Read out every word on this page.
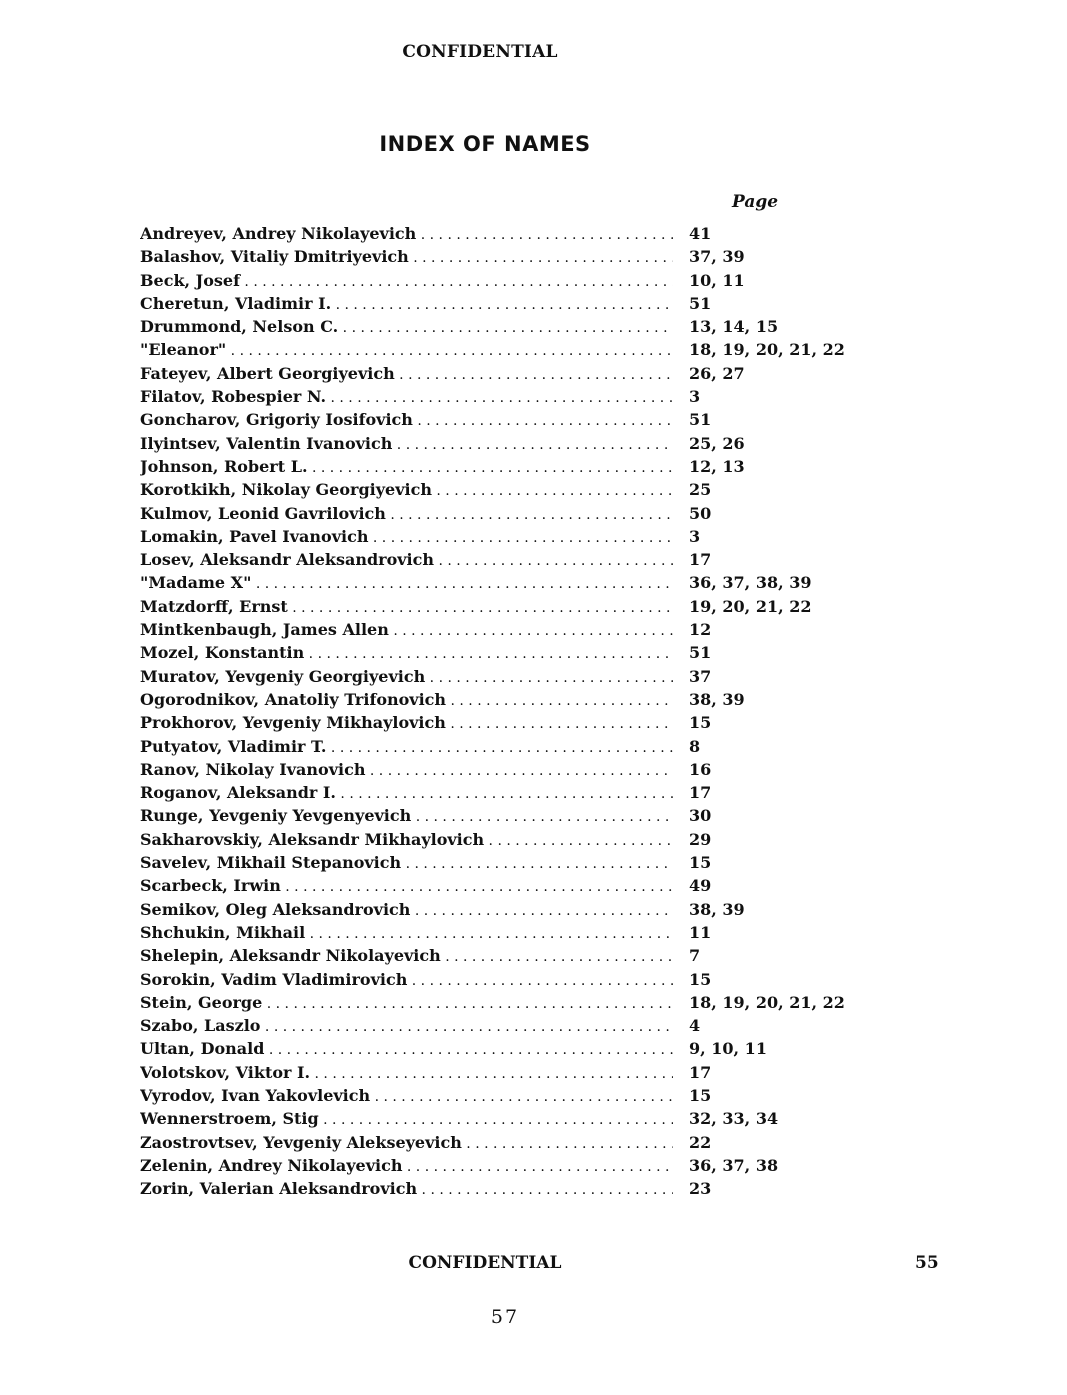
CONFIDENTIAL
INDEX OF NAMES
Page
Andreyev, Andrey Nikolayevich . . .	41
Balashov, Vitaliy Dmitriyevich . . .	37, 39
Beck, Josef . . .	10, 11
Cheretun, Vladimir I. . . .	51
Drummond, Nelson C. . . .	13, 14, 15
"Eleanor" . . .	18, 19, 20, 21, 22
Fateyev, Albert Georgiyevich . . .	26, 27
Filatov, Robespier N. . . .	3
Goncharov, Grigoriy Iosifovich . . .	51
Ilyintsev, Valentin Ivanovich . . .	25, 26
Johnson, Robert L. . . .	12, 13
Korotkikh, Nikolay Georgiyevich . . .	25
Kulmov, Leonid Gavrilovich . . .	50
Lomakin, Pavel Ivanovich . . .	3
Losev, Aleksandr Aleksandrovich . . .	17
"Madame X" . . .	36, 37, 38, 39
Matzdorff, Ernst . . .	19, 20, 21, 22
Mintkenbaugh, James Allen . . .	12
Mozel, Konstantin . . .	51
Muratov, Yevgeniy Georgiyevich . . .	37
Ogorodnikov, Anatoliy Trifonovich . . .	38, 39
Prokhorov, Yevgeniy Mikhaylovich . . .	15
Putyatov, Vladimir T. . . .	8
Ranov, Nikolay Ivanovich . . .	16
Roganov, Aleksandr I. . . .	17
Runge, Yevgeniy Yevgenyevich . . .	30
Sakharovskiy, Aleksandr Mikhaylovich . . .	29
Savelev, Mikhail Stepanovich . . .	15
Scarbeck, Irwin . . .	49
Semikov, Oleg Aleksandrovich . . .	38, 39
Shchukin, Mikhail . . .	11
Shelepin, Aleksandr Nikolayevich . . .	7
Sorokin, Vadim Vladimirovich . . .	15
Stein, George . . .	18, 19, 20, 21, 22
Szabo, Laszlo . . .	4
Ultan, Donald . . .	9, 10, 11
Volotskov, Viktor I. . . .	17
Vyrodov, Ivan Yakovlevich . . .	15
Wennerstroem, Stig . . .	32, 33, 34
Zaostrovtsev, Yevgeniy Alekseyevich . . .	22
Zelenin, Andrey Nikolayevich . . .	36, 37, 38
Zorin, Valerian Aleksandrovich . . .	23
CONFIDENTIAL	55
57
